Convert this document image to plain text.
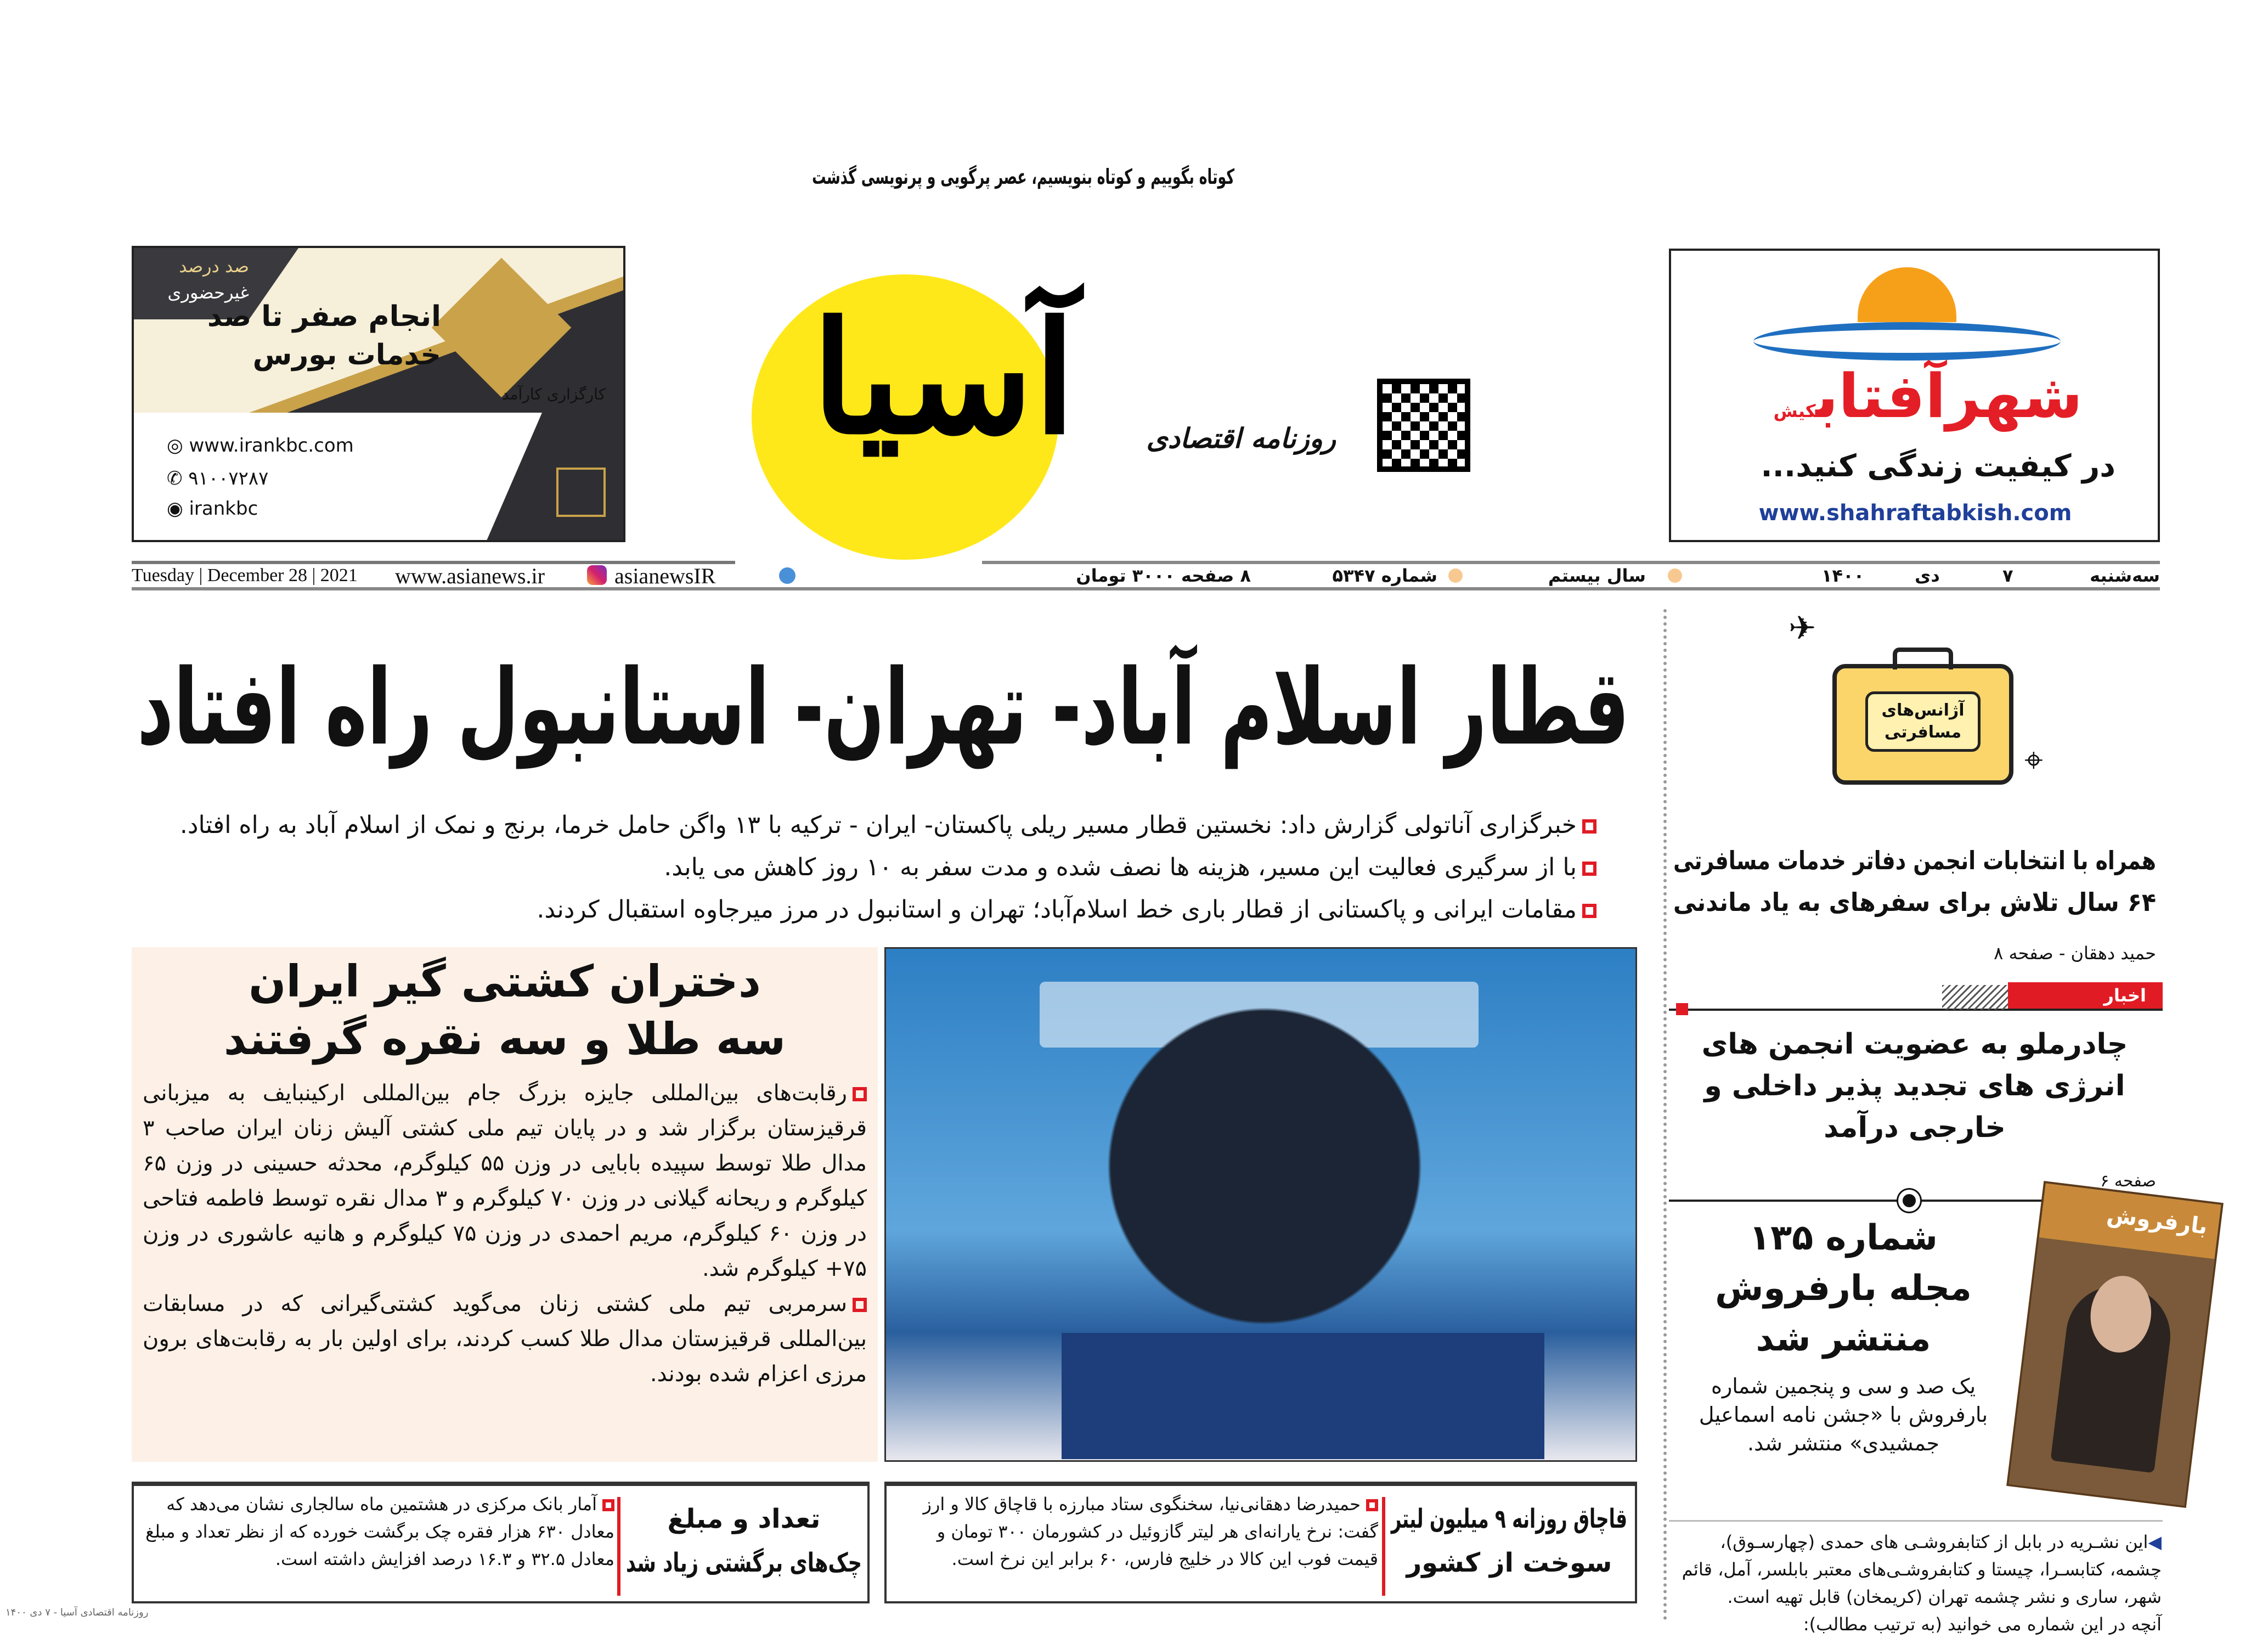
کوتاه بگوییم و کوتاه بنویسیم، عصر پرگویی و پرنویسی گذشت
آسیا	روزنامه اقتصادی
صد درصد
غیرحضوری
انجام صفر تا صد
خدمات بورس
کارگزاری کارآمد
◎ www.irankbc.com
✆ ۹۱۰۰۷۲۸۷
◉ irankbc
شهرآفتابکیش
در کیفیت زندگی کنید...
www.shahraftabkish.com
Tuesday | December 28 | 2021 www.asianews.ir	asianewsIR	۸ صفحه ۳۰۰۰ تومان	شماره ۵۳۴۷	سال بیستم	۱۴۰۰	دی	۷	سه‌شنبه
قطار اسلام آباد- تهران- استانبول راه افتاد
خبرگزاری آناتولی گزارش داد: نخستین قطار مسیر ریلی پاکستان- ایران - ترکیه با ۱۳ واگن حامل خرما، برنج و نمک از اسلام آباد به راه افتاد.
با از سرگیری فعالیت این مسیر، هزینه ها نصف شده و مدت سفر به ۱۰ روز کاهش می یابد.
مقامات ایرانی و پاکستانی از قطار باری خط اسلام‌آباد؛ تهران و استانبول در مرز میرجاوه استقبال کردند.
دختران کشتی گیر ایران
سه طلا و سه نقره گرفتند
رقابت‌های بین‌المللی جایزه بزرگ جام بین‌المللی ارکینبایف به میزبانی قرقیزستان برگزار شد و در پایان تیم ملی کشتی آلیش زنان ایران صاحب ۳ مدال طلا توسط سپیده بابایی در وزن ۵۵ کیلوگرم، محدثه حسینی در وزن ۶۵ کیلوگرم و ریحانه گیلانی در وزن ۷۰ کیلوگرم و ۳ مدال نقره توسط فاطمه فتاحی در وزن ۶۰ کیلوگرم، مریم احمدی در وزن ۷۵ کیلوگرم و هانیه عاشوری در وزن ۷۵+ کیلوگرم شد.
سرمربی تیم ملی کشتی زنان می‌گوید کشتی‌گیرانی که در مسابقات بین‌المللی قرقیزستان مدال طلا کسب کردند، برای اولین بار به رقابت‌های برون مرزی اعزام شده بودند.
قاچاق روزانه ۹ میلیون لیتر
سوخت از کشور
حمیدرضا دهقانی‌نیا، سخنگوی ستاد مبارزه با قاچاق کالا و ارز گفت: نرخ یارانه‌ای هر لیتر گازوئیل در کشورمان ۳۰۰ تومان و قیمت فوب این کالا در خلیج فارس، ۶۰ برابر این نرخ است.
تعداد و مبلغ
چک‌های برگشتی زیاد شد
آمار بانک مرکزی در هشتمین ماه سالجاری نشان می‌دهد که معادل ۶۳۰ هزار فقره چک برگشت خورده که از نظر تعداد و مبلغ معادل ۳۲.۵ و ۱۶.۳ درصد افزایش داشته است.
روزنامه اقتصادی آسیا - ۷ دی ۱۴۰۰
آژانس‌های مسافرتی
✈
⌖
همراه با انتخابات انجمن دفاتر خدمات مسافرتی
۶۴ سال تلاش برای سفرهای به یاد ماندنی
حمید دهقان - صفحه ۸
اخبار
چادرملو به عضویت انجمن های انرژی های تجدید پذیر داخلی و خارجی درآمد
صفحه ۶
شماره ۱۳۵
مجله بارفروش
منتشر شد
یک صد و سی و پنجمین شماره بارفروش با «جشن نامه اسماعیل جمشیدی» منتشر شد.
بارفروش
◀این نشـریه در بابل از کتابفروشـی های حمدی (چهارسـوق)، چشمه، کتابسـرا، چیستا و کتابفروشـی‌های معتبر بابلسر، آمل، قائم شهر، ساری و نشر چشمه تهران (کریمخان) قابل تهیه است.
آنچه در این شماره می خوانید (به ترتیب مطالب):
